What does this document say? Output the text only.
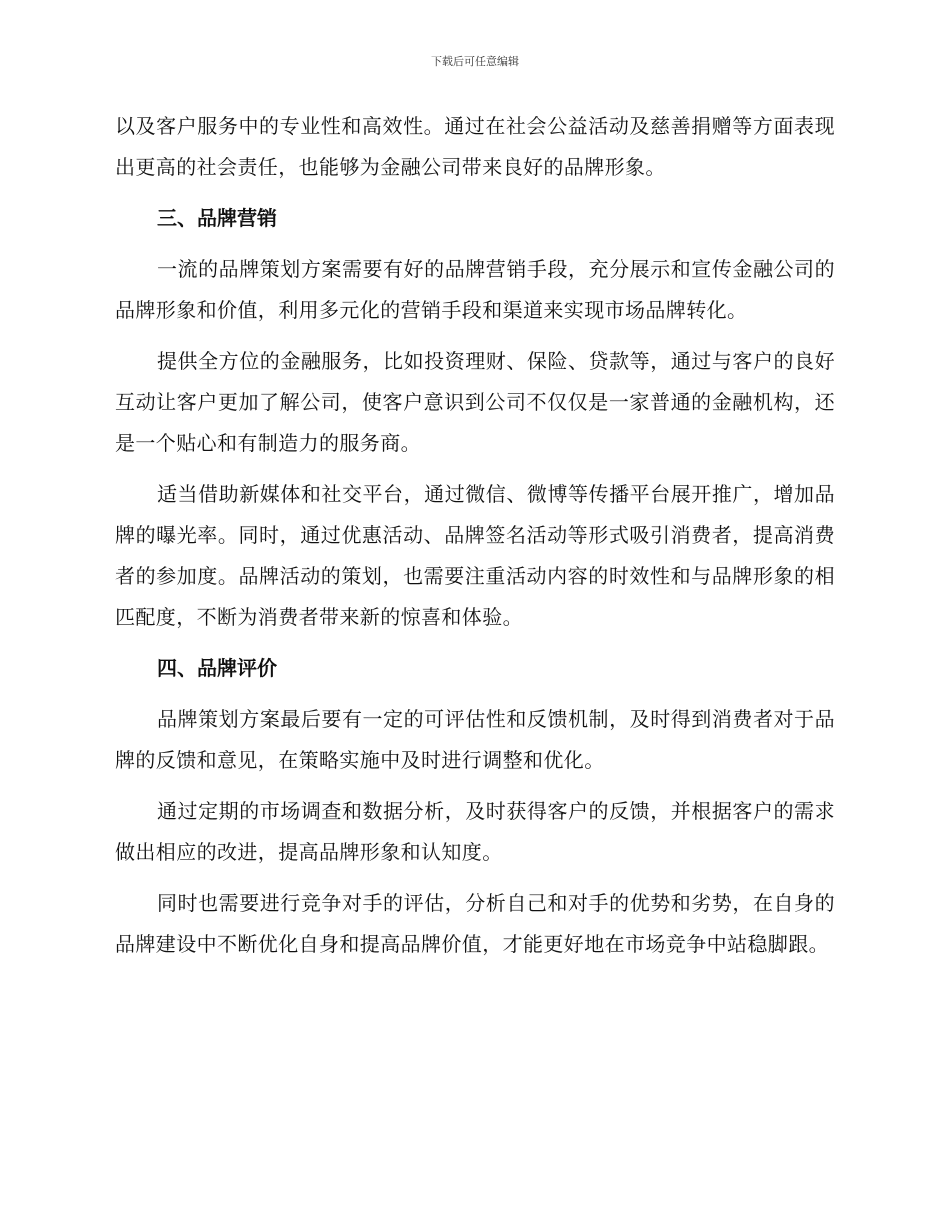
下载后可任意编辑

以及客户服务中的专业性和高效性。通过在社会公益活动及慈善捐赠等方面表现出更高的社会责任，也能够为金融公司带来良好的品牌形象。

三、品牌营销

一流的品牌策划方案需要有好的品牌营销手段，充分展示和宣传金融公司的品牌形象和价值，利用多元化的营销手段和渠道来实现市场品牌转化。

提供全方位的金融服务，比如投资理财、保险、贷款等，通过与客户的良好互动让客户更加了解公司，使客户意识到公司不仅仅是一家普通的金融机构，还是一个贴心和有制造力的服务商。

适当借助新媒体和社交平台，通过微信、微博等传播平台展开推广，增加品牌的曝光率。同时，通过优惠活动、品牌签名活动等形式吸引消费者，提高消费者的参加度。品牌活动的策划，也需要注重活动内容的时效性和与品牌形象的相匹配度，不断为消费者带来新的惊喜和体验。

四、品牌评价

品牌策划方案最后要有一定的可评估性和反馈机制，及时得到消费者对于品牌的反馈和意见，在策略实施中及时进行调整和优化。

通过定期的市场调查和数据分析，及时获得客户的反馈，并根据客户的需求做出相应的改进，提高品牌形象和认知度。

同时也需要进行竞争对手的评估，分析自己和对手的优势和劣势，在自身的品牌建设中不断优化自身和提高品牌价值，才能更好地在市场竞争中站稳脚跟。
